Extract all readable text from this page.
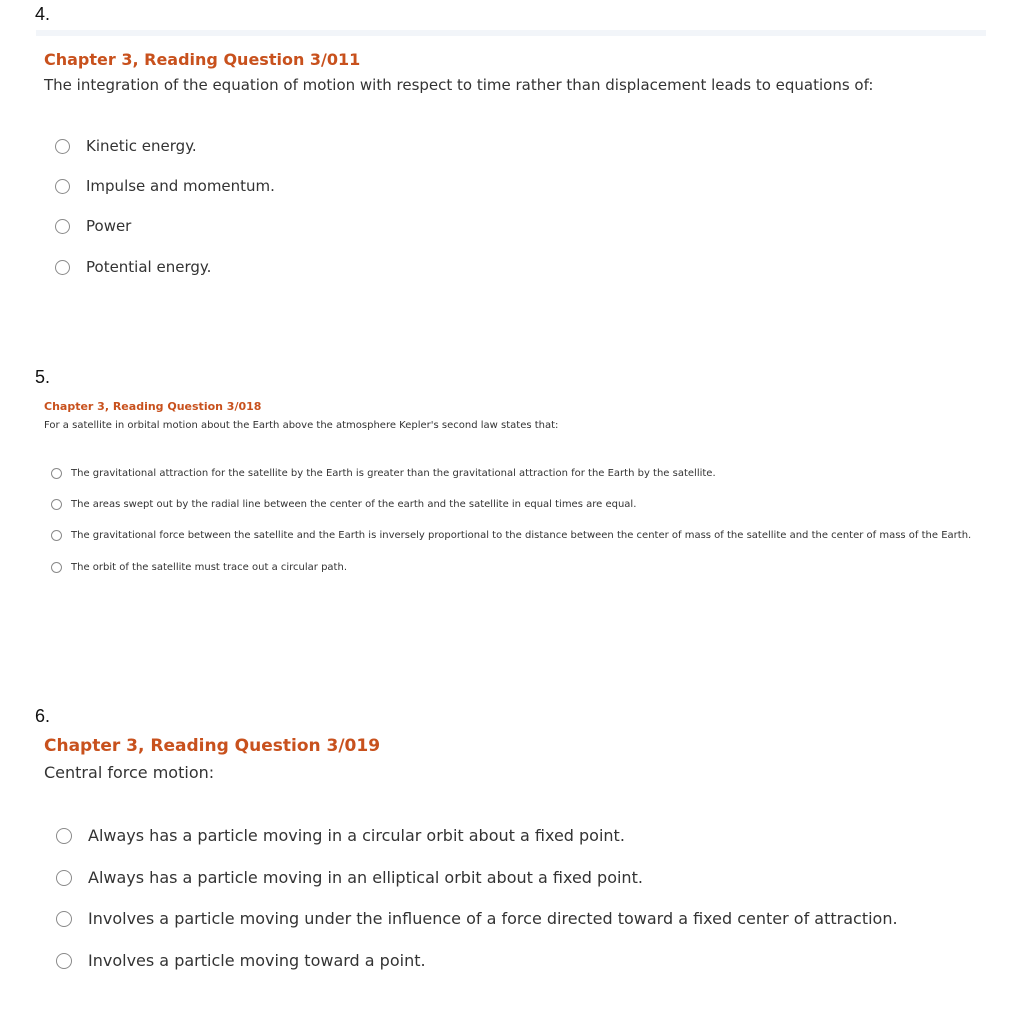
4.
Chapter 3, Reading Question 3/011
The integration of the equation of motion with respect to time rather than displacement leads to equations of:
Kinetic energy.
Impulse and momentum.
Power
Potential energy.
5.
Chapter 3, Reading Question 3/018
For a satellite in orbital motion about the Earth above the atmosphere Kepler's second law states that:
The gravitational attraction for the satellite by the Earth is greater than the gravitational attraction for the Earth by the satellite.
The areas swept out by the radial line between the center of the earth and the satellite in equal times are equal.
The gravitational force between the satellite and the Earth is inversely proportional to the distance between the center of mass of the satellite and the center of mass of the Earth.
The orbit of the satellite must trace out a circular path.
6.
Chapter 3, Reading Question 3/019
Central force motion:
Always has a particle moving in a circular orbit about a fixed point.
Always has a particle moving in an elliptical orbit about a fixed point.
Involves a particle moving under the influence of a force directed toward a fixed center of attraction.
Involves a particle moving toward a point.
